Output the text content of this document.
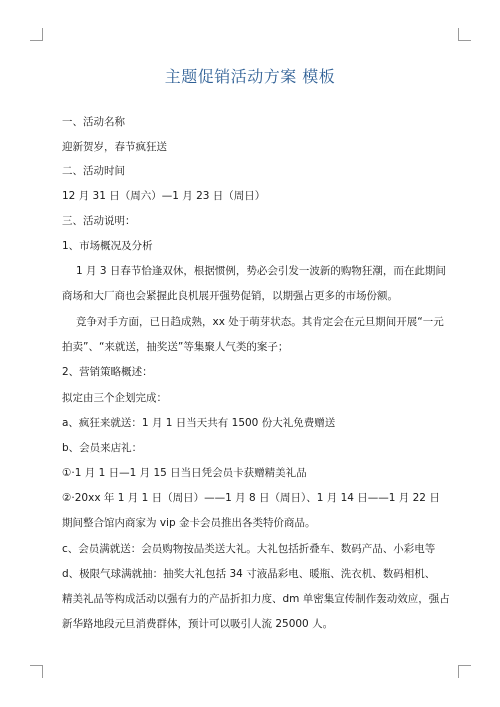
主题促销活动方案 模板
一、活动名称
迎新贺岁，春节疯狂送
二、活动时间
12 月 31 日（周六）—1 月 23 日（周日）
三、活动说明：
1、市场概况及分析
1 月 3 日春节恰逢双休，根据惯例，势必会引发一波新的购物狂潮，而在此期间
商场和大厂商也会紧握此良机展开强势促销，以期强占更多的市场份额。
竞争对手方面，已日趋成熟，xx 处于萌芽状态。其肯定会在元旦期间开展“一元
拍卖”、“来就送，抽奖送”等集聚人气类的案子；
2、营销策略概述：
拟定由三个企划完成：
a、疯狂来就送：1 月 1 日当天共有 1500 份大礼免费赠送
b、会员来店礼：
①·1 月 1 日—1 月 15 日当日凭会员卡获赠精美礼品
②·20xx 年 1 月 1 日（周日）——1 月 8 日（周日）、1 月 14 日——1 月 22 日
期间整合馆内商家为 vip 金卡会员推出各类特价商品。
c、会员满就送：会员购物按品类送大礼。大礼包括折叠车、数码产品、小彩电等
d、极限气球满就抽：抽奖大礼包括 34 寸液晶彩电、暖瓶、洗衣机、数码相机、
精美礼品等构成活动以强有力的产品折扣力度、dm 单密集宣传制作轰动效应，强占
新华路地段元旦消费群体，预计可以吸引人流 25000 人。
